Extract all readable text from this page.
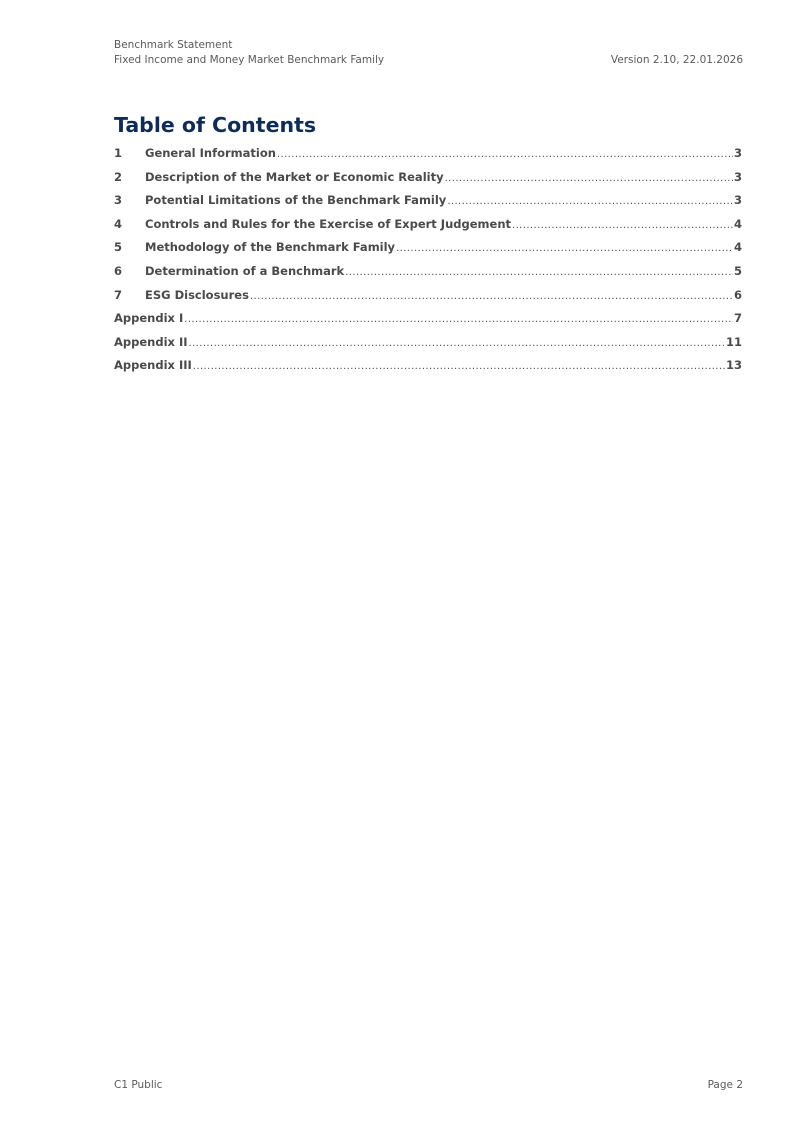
Benchmark Statement
Fixed Income and Money Market Benchmark Family	Version 2.10, 22.01.2026
Table of Contents
1	General Information .....	3
2	Description of the Market or Economic Reality .....	3
3	Potential Limitations of the Benchmark Family .....	3
4	Controls and Rules for the Exercise of Expert Judgement .....	4
5	Methodology of the Benchmark Family .....	4
6	Determination of a Benchmark .....	5
7	ESG Disclosures .....	6
Appendix I .....	7
Appendix II .....	11
Appendix III .....	13
C1 Public	Page 2
